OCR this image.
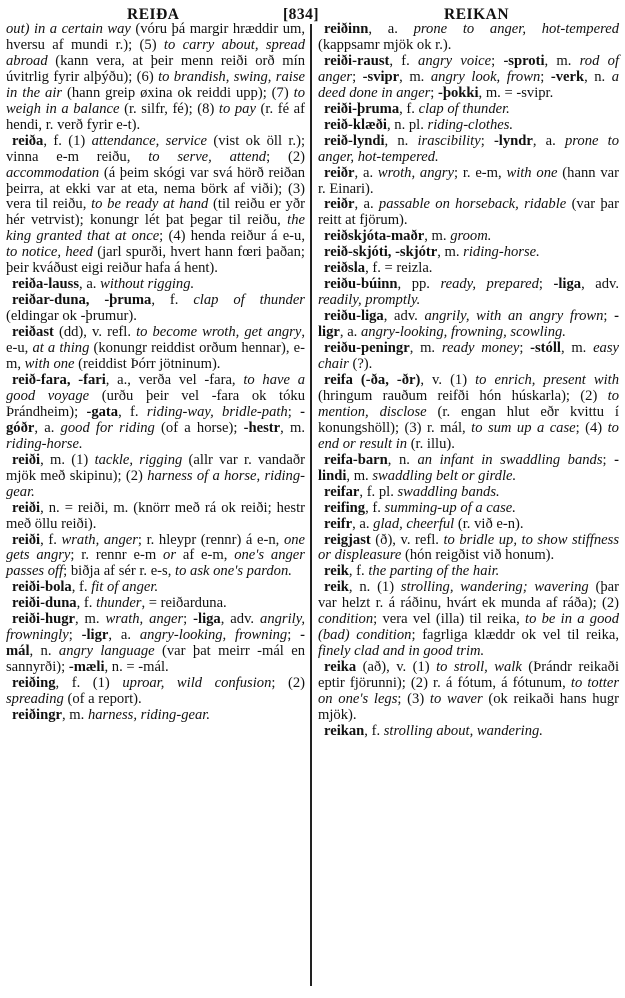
REIÐA	[834]	REIKAN

out) in a certain way (vóru þá margir hræddir um, hversu af mundi r.); (5) to carry about, spread abroad (kann vera, at þeir menn reiði orð mín úvitrlig fyrir alþýðu); (6) to brandish, swing, raise in the air (hann greip øxina ok reiddi upp); (7) to weigh in a balance (r. silfr, fé); (8) to pay (r. fé af hendi, r. verð fyrir e-t).

reiða, f. (1) attendance, service (vist ok öll r.); vinna e-m reiðu, to serve, attend; (2) accommodation (á þeim skógi var svá hörð reiðan þeirra, at ekki var at eta, nema börk af viði); (3) vera til reiðu, to be ready at hand (til reiðu er yðr hér vetrvist); konungr lét þat þegar til reiðu, the king granted that at once; (4) henda reiður á e-u, to notice, heed (jarl spurði, hvert hann fœri þaðan; þeir kváðust eigi reiður hafa á hent).

reiða-lauss, a. without rigging.

reiðar-duna, -þruma, f. clap of thunder (eldingar ok -þrumur).

reiðast (dd), v. refl. to become wroth, get angry, e-u, at a thing (konungr reiddist orðum hennar), e-m, with one (reiddist Þórr jötninum).

reið-fara, -fari, a., verða vel -fara, to have a good voyage (urðu þeir vel -fara ok tóku Þrándheim); -gata, f. riding-way, bridle-path; -góðr, a. good for riding (of a horse); -hestr, m. riding-horse.

reiði, m. (1) tackle, rigging (allr var r. vandaðr mjök með skipinu); (2) harness of a horse, riding-gear.

reiði, n. = reiði, m. (knörr með rá ok reiði; hestr með öllu reiði).

reiði, f. wrath, anger; r. hleypr (rennr) á e-n, one gets angry; r. rennr e-m or af e-m, one's anger passes off; biðja af sér r. e-s, to ask one's pardon.

reiði-bola, f. fit of anger.

reiði-duna, f. thunder, = reiðarduna.

reiði-hugr, m. wrath, anger; -liga, adv. angrily, frowningly; -ligr, a. angry-looking, frowning; -mál, n. angry language (var þat meirr -mál en sannyrði); -mæli, n. = -mál.

reiðing, f. (1) uproar, wild confusion; (2) spreading (of a report).

reiðingr, m. harness, riding-gear.

reiðinn, a. prone to anger, hot-tempered (kappsamr mjök ok r.).

reiði-raust, f. angry voice; -sproti, m. rod of anger; -svipr, m. angry look, frown; -verk, n. a deed done in anger; -þokki, m. = -svipr.

reiði-þruma, f. clap of thunder.

reið-klæði, n. pl. riding-clothes.

reið-lyndi, n. irascibility; -lyndr, a. prone to anger, hot-tempered.

reiðr, a. wroth, angry; r. e-m, with one (hann var r. Einari).

reiðr, a. passable on horseback, ridable (var þar reitt at fjörum).

reiðskjóta-maðr, m. groom.

reið-skjóti, -skjótr, m. riding-horse.

reiðsla, f. = reizla.

reiðu-búinn, pp. ready, prepared; -liga, adv. readily, promptly.

reiðu-liga, adv. angrily, with an angry frown; -ligr, a. angry-looking, frowning, scowling.

reiðu-peningr, m. ready money; -stóll, m. easy chair (?).

reifa (-ða, -ðr), v. (1) to enrich, present with (hringum rauðum reifði hón húskarla); (2) to mention, disclose (r. engan hlut eðr kvittu í konungshöll); (3) r. mál, to sum up a case; (4) to end or result in (r. illu).

reifa-barn, n. an infant in swaddling bands; -lindi, m. swaddling belt or girdle.

reifar, f. pl. swaddling bands.

reifing, f. summing-up of a case.

reifr, a. glad, cheerful (r. við e-n).

reigjast (ð), v. refl. to bridle up, to show stiffness or displeasure (hón reigðist við honum).

reik, f. the parting of the hair.

reik, n. (1) strolling, wandering; wavering (þar var helzt r. á ráðinu, hvárt ek munda af ráða); (2) condition; vera vel (illa) til reika, to be in a good (bad) condition; fagrliga klæddr ok vel til reika, finely clad and in good trim.

reika (að), v. (1) to stroll, walk (Þrándr reikaði eptir fjörunni); (2) r. á fótum, á fótunum, to totter on one's legs; (3) to waver (ok reikaði hans hugr mjök).

reikan, f. strolling about, wandering.
